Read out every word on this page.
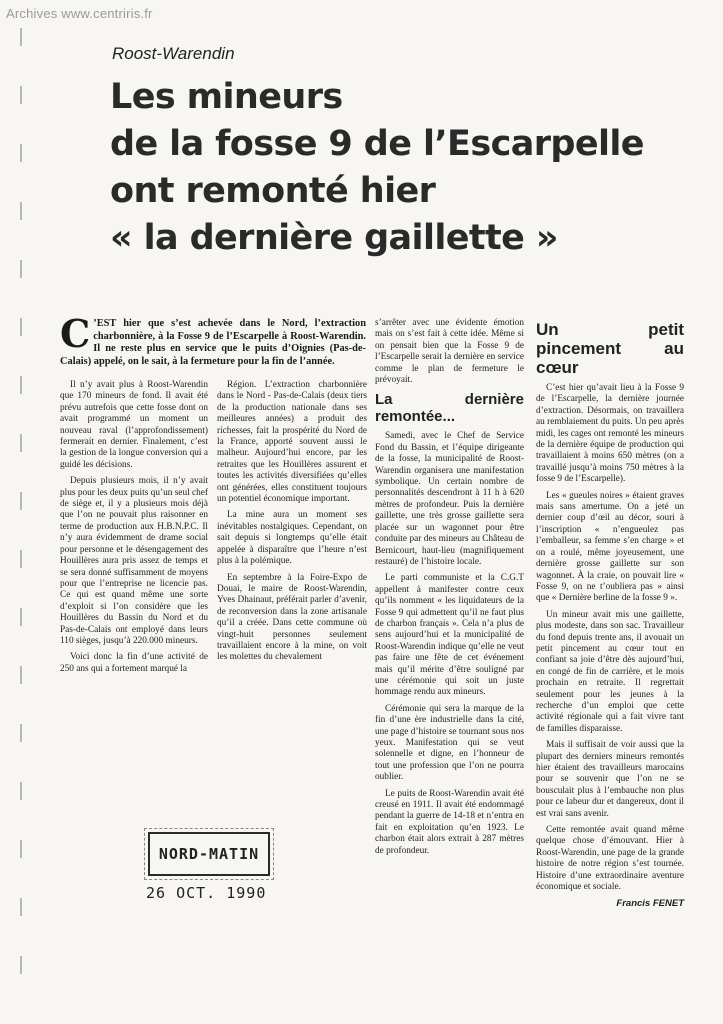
Archives www.centriris.fr
Roost-Warendin
Les mineurs
de la fosse 9 de l’Escarpelle
ont remonté hier
« la dernière gaillette »
C ’EST hier que s’est achevée dans le Nord, l’extraction charbonnière, à la Fosse 9 de l’Escarpelle à Roost-Warendin. Il ne reste plus en service que le puits d’Oignies (Pas-de-Calais) appelé, on le sait, à la fermeture pour la fin de l’année.

Il n’y avait plus à Roost-Warendin que 170 mineurs de fond. Il avait été prévu autrefois que cette fosse dont on avait programmé un moment un nouveau raval (l’approfondissement) fermerait en dernier. Finalement, c’est la gestion de la longue conversion qui a guidé les décisions.

Depuis plusieurs mois, il n’y avait plus pour les deux puits qu’un seul chef de siège et, il y a plusieurs mois déjà que l’on ne pouvait plus raisonner en terme de production aux H.B.N.P.C. Il n’y aura évidemment de drame social pour personne et le désengagement des Houillères aura pris assez de temps et se sera donné suffisamment de moyens pour que l’entreprise ne licencie pas. Ce qui est quand même une sorte d’exploit si l’on considère que les Houillères du Bassin du Nord et du Pas-de-Calais ont employé dans leurs 110 sièges, jusqu’à 220.000 mineurs.

Voici donc la fin d’une activité de 250 ans qui a fortement marqué la

Région. L’extraction charbonnière dans le Nord - Pas-de-Calais (deux tiers de la production nationale dans ses meilleures années) a produit des richesses, fait la prospérité du Nord de la France, apporté souvent aussi le malheur. Aujourd’hui encore, par les retraites que les Houillères assurent et toutes les activités diversifiées qu’elles ont générées, elles constituent toujours un potentiel économique important.

La mine aura un moment ses inévitables nostalgiques. Cependant, on sait depuis si longtemps qu’elle était appelée à disparaître que l’heure n’est plus à la polémique.

En septembre à la Foire-Expo de Douai, le maire de Roost-Warendin, Yves Dhainaut, préférait parler d’avenir, de reconversion dans la zone artisanale qu’il a créée. Dans cette commune où vingt-huit personnes seulement travaillaient encore à la mine, on voit les molettes du chevalement

s’arrêter avec une évidente émotion mais on s’est fait à cette idée. Même si on pensait bien que la Fosse 9 de l’Escarpelle serait la dernière en service comme le plan de fermeture le prévoyait.

La dernière remontée...

Samedi, avec le Chef de Service Fond du Bassin, et l’équipe dirigeante de la fosse, la municipalité de Roost-Warendin organisera une manifestation symbolique. Un certain nombre de personnalités descendront à 11 h à 620 mètres de profondeur. Puis la dernière gaillette, une très grosse gaillette sera placée sur un wagonnet pour être conduite par des mineurs au Château de Bernicourt, haut-lieu (magnifiquement restauré) de l’histoire locale.

Le parti communiste et la C.G.T appellent à manifester contre ceux qu’ils nomment « les liquidateurs de la Fosse 9 qui admettent qu’il ne faut plus de charbon français ». Cela n’a plus de sens aujourd’hui et la municipalité de Roost-Warendin indique qu’elle ne veut pas faire une fête de cet événement mais qu’il mérite d’être souligné par une cérémonie qui soit un juste hommage rendu aux mineurs.

Cérémonie qui sera la marque de la fin d’une ère industrielle dans la cité, une page d’histoire se tournant sous nos yeux. Manifestation qui se veut solennelle et digne, en l’honneur de tout une profession que l’on ne pourra oublier.

Le puits de Roost-Warendin avait été creusé en 1911. Il avait été endommagé pendant la guerre de 14-18 et n’entra en fait en exploitation qu’en 1923. Le charbon était alors extrait à 287 mètres de profondeur.

Un petit pincement au cœur

C’est hier qu’avait lieu à la Fosse 9 de l’Escarpelle, la dernière journée d’extraction. Désormais, on travaillera au remblaiement du puits. Un peu après midi, les cages ont remonté les mineurs de la dernière équipe de production qui travaillaient à moins 650 mètres (on a travaillé jusqu’à moins 750 mètres à la fosse 9 de l’Escarpelle).

Les « gueules noires » étaient graves mais sans amertume. On a jeté un dernier coup d’œil au décor, souri à l’inscription « n’engueulez pas l’emballeur, sa femme s’en charge » et on a roulé, même joyeusement, une dernière grosse gaillette sur son wagonnet. À la craie, on pouvait lire « Fosse 9, on ne t’oubliera pas » ainsi que « Dernière berline de la fosse 9 ».

Un mineur avait mis une gaillette, plus modeste, dans son sac. Travailleur du fond depuis trente ans, il avouait un petit pincement au cœur tout en confiant sa joie d’être dès aujourd’hui, en congé de fin de carrière, et le mois prochain en retraite. Il regrettait seulement pour les jeunes à la recherche d’un emploi que cette activité régionale qui a fait vivre tant de familles disparaisse.

Mais il suffisait de voir aussi que la plupart des derniers mineurs remontés hier étaient des travailleurs marocains pour se souvenir que l’on ne se bousculait plus à l’embauche non plus pour ce labeur dur et dangereux, dont il est vrai sans avenir.

Cette remontée avait quand même quelque chose d’émouvant. Hier à Roost-Warendin, une page de la grande histoire de notre région s’est tournée. Histoire d’une extraordinaire aventure économique et sociale.

Francis FENET
NORD-MATIN
26 OCT. 1990
